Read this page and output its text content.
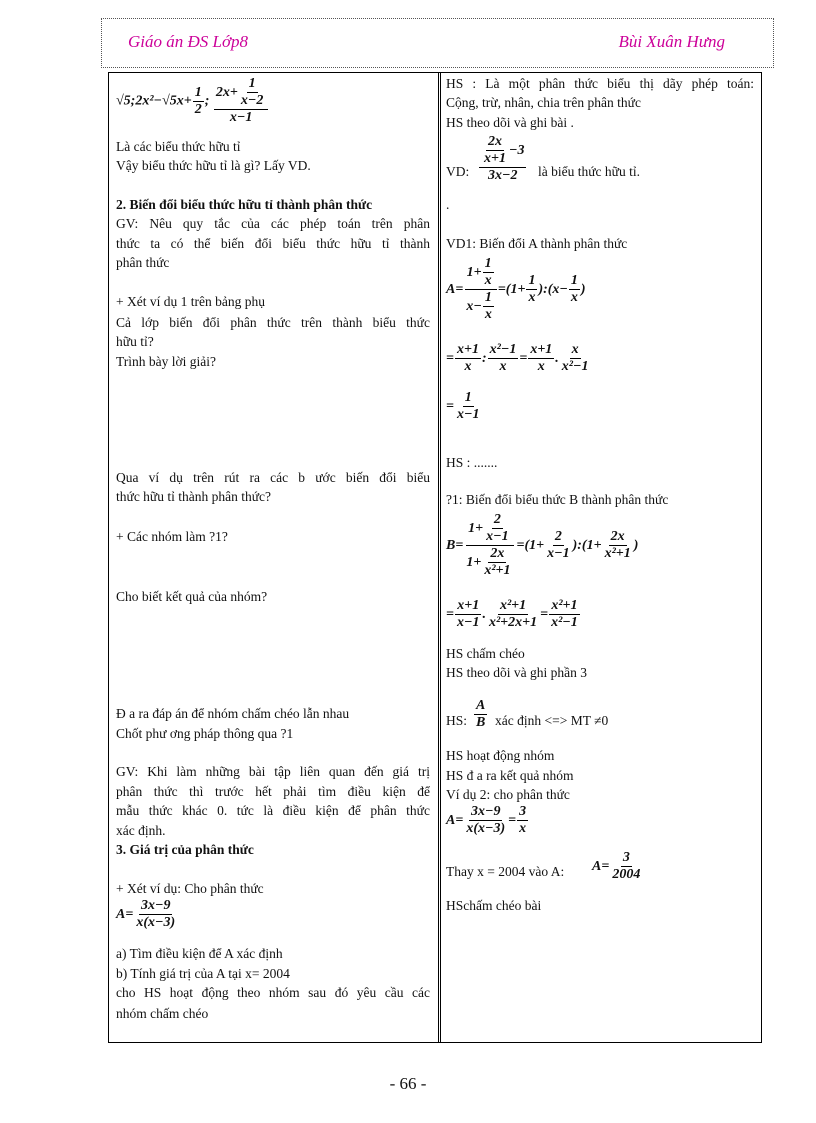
Giáo án ĐS Lớp8	Bùi Xuân Hưng
√5;2x²−√5x+ $\frac{1}{2}$ ; $\frac{2x+ \frac{1}{x-2}}{x-1}$
Là các biểu thức hữu tỉ
Vậy biểu thức hữu tỉ là gì? Lấy VD.
2. Biến đổi biểu thức hữu tỉ thành phân thức
GV: Nêu quy tắc của các phép toán trên phân
thức ta có thể biến đổi biểu thức hữu tỉ thành
phân thức
+ Xét ví dụ 1 trên bảng phụ
Cả lớp biến đổi phân thức trên thành biểu thức
hữu tỉ?
Trình bày lời giải?
Qua ví dụ trên rút ra các b ước biến đổi biểu
thức hữu tỉ thành phân thức?
+ Các nhóm làm ?1?
Cho biết kết quả của nhóm?
Đ a ra đáp án để nhóm chấm chéo lẫn nhau
Chốt phư ơng pháp thông qua ?1
GV: Khi làm những bài tập liên quan đến giá trị
phân thức thì trước hết phải tìm điều kiện để
mẫu thức khác 0. tức là điều kiện để phân thức
xác định.
3. Giá trị của phân thức
+ Xét ví dụ: Cho phân thức
$A= \frac{3x-9}{x(x-3)}$
a) Tìm điều kiện để A xác định
b) Tính giá trị của A tại x= 2004
cho HS hoạt động theo nhóm sau đó yêu cầu các
nhóm chấm chéo
HS : Là một phân thức biểu thị dãy phép toán:
Cộng, trừ, nhân, chia trên phân thức
HS theo dõi và ghi bài .
VD: $\frac{\frac{2x}{x+1} -3}{3x-2}$ là biểu thức hữu tỉ.
.
VD1: Biến đổi A thành phân thức
$A= \frac{1+ \frac{1}{x}}{x- \frac{1}{x}} =(1+ \frac{1}{x}$ ):(x− $\frac{1}{x}$ )
= $\frac{x+1}{x}$ : $\frac{\text{x²−1}}{x} = \frac{x+1}{x}$ . $\frac{x}{\text{x²−1}}$
= $\frac{1}{x-1}$
HS : .......
?1: Biến đổi biểu thức B thành phân thức
$B= \frac{1+ \frac{2}{x-1}}{1+ \frac{2x}{\text{x²+1}}} =(1+ \frac{2}{x-1}$ ):(1+ $\frac{2x}{\text{x²+1}}$ )
= $\frac{x+1}{x-1}$ . $\frac{\text{x²+1}}{\text{x²+2x+1}} = \frac{\text{x²+1}}{\text{x²−1}}$
HS chấm chéo
HS theo dõi và ghi phần 3
HS: $\frac{A}{B}$ xác định <=> MT ≠0
HS hoạt động nhóm
HS đ a ra kết quả nhóm
Ví dụ 2: cho phân thức
$A= \frac{3x-9}{x(x-3)} = \frac{3}{x}$
Thay x = 2004 vào A: $A= \frac{3}{2004}$
HSchấm chéo bài
- 66 -
